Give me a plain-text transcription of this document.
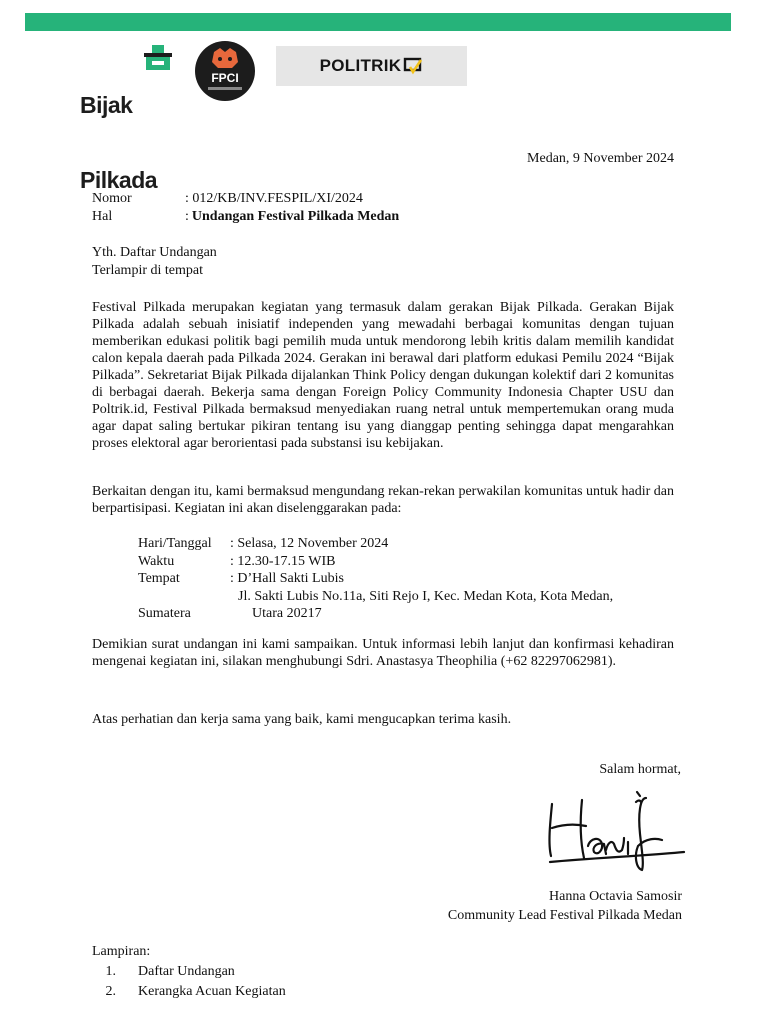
Bijak

Pilkada

FPCI
POLITRIK
Medan, 9 November 2024
Nomor	: 012/KB/INV.FESPIL/XI/2024
Hal	: Undangan Festival Pilkada Medan
Yth. Daftar Undangan
Terlampir di tempat

Festival Pilkada merupakan kegiatan yang termasuk dalam gerakan Bijak Pilkada. Gerakan Bijak Pilkada adalah sebuah inisiatif independen yang mewadahi berbagai komunitas dengan tujuan memberikan edukasi politik bagi pemilih muda untuk mendorong lebih kritis dalam memilih kandidat calon kepala daerah pada Pilkada 2024. Gerakan ini berawal dari platform edukasi Pemilu 2024 “Bijak Pilkada”. Sekretariat Bijak Pilkada dijalankan Think Policy dengan dukungan kolektif dari 2 komunitas di berbagai daerah. Bekerja sama dengan Foreign Policy Community Indonesia Chapter USU dan Poltrik.id, Festival Pilkada bermaksud menyediakan ruang netral untuk mempertemukan orang muda agar dapat saling bertukar pikiran tentang isu yang dianggap penting sehingga dapat mengarahkan proses elektoral agar berorientasi pada substansi isu kebijakan.

Berkaitan dengan itu, kami bermaksud mengundang rekan-rekan perwakilan komunitas untuk hadir dan berpartisipasi. Kegiatan ini akan diselenggarakan pada:

Hari/Tanggal	: Selasa, 12 November 2024
Waktu	: 12.30-17.15 WIB
Tempat	: D’Hall Sakti Lubis
Jl. Sakti Lubis No.11a, Siti Rejo I, Kec. Medan Kota, Kota Medan,
Sumatera	Utara 20217

Demikian surat undangan ini kami sampaikan. Untuk informasi lebih lanjut dan konfirmasi kehadiran mengenai kegiatan ini, silakan menghubungi Sdri. Anastasya Theophilia (+62 82297062981).

Atas perhatian dan kerja sama yang baik, kami mengucapkan terima kasih.

Salam hormat,
Hanna Octavia Samosir
Community Lead Festival Pilkada Medan
Lampiran:
1. Daftar Undangan
2. Kerangka Acuan Kegiatan
